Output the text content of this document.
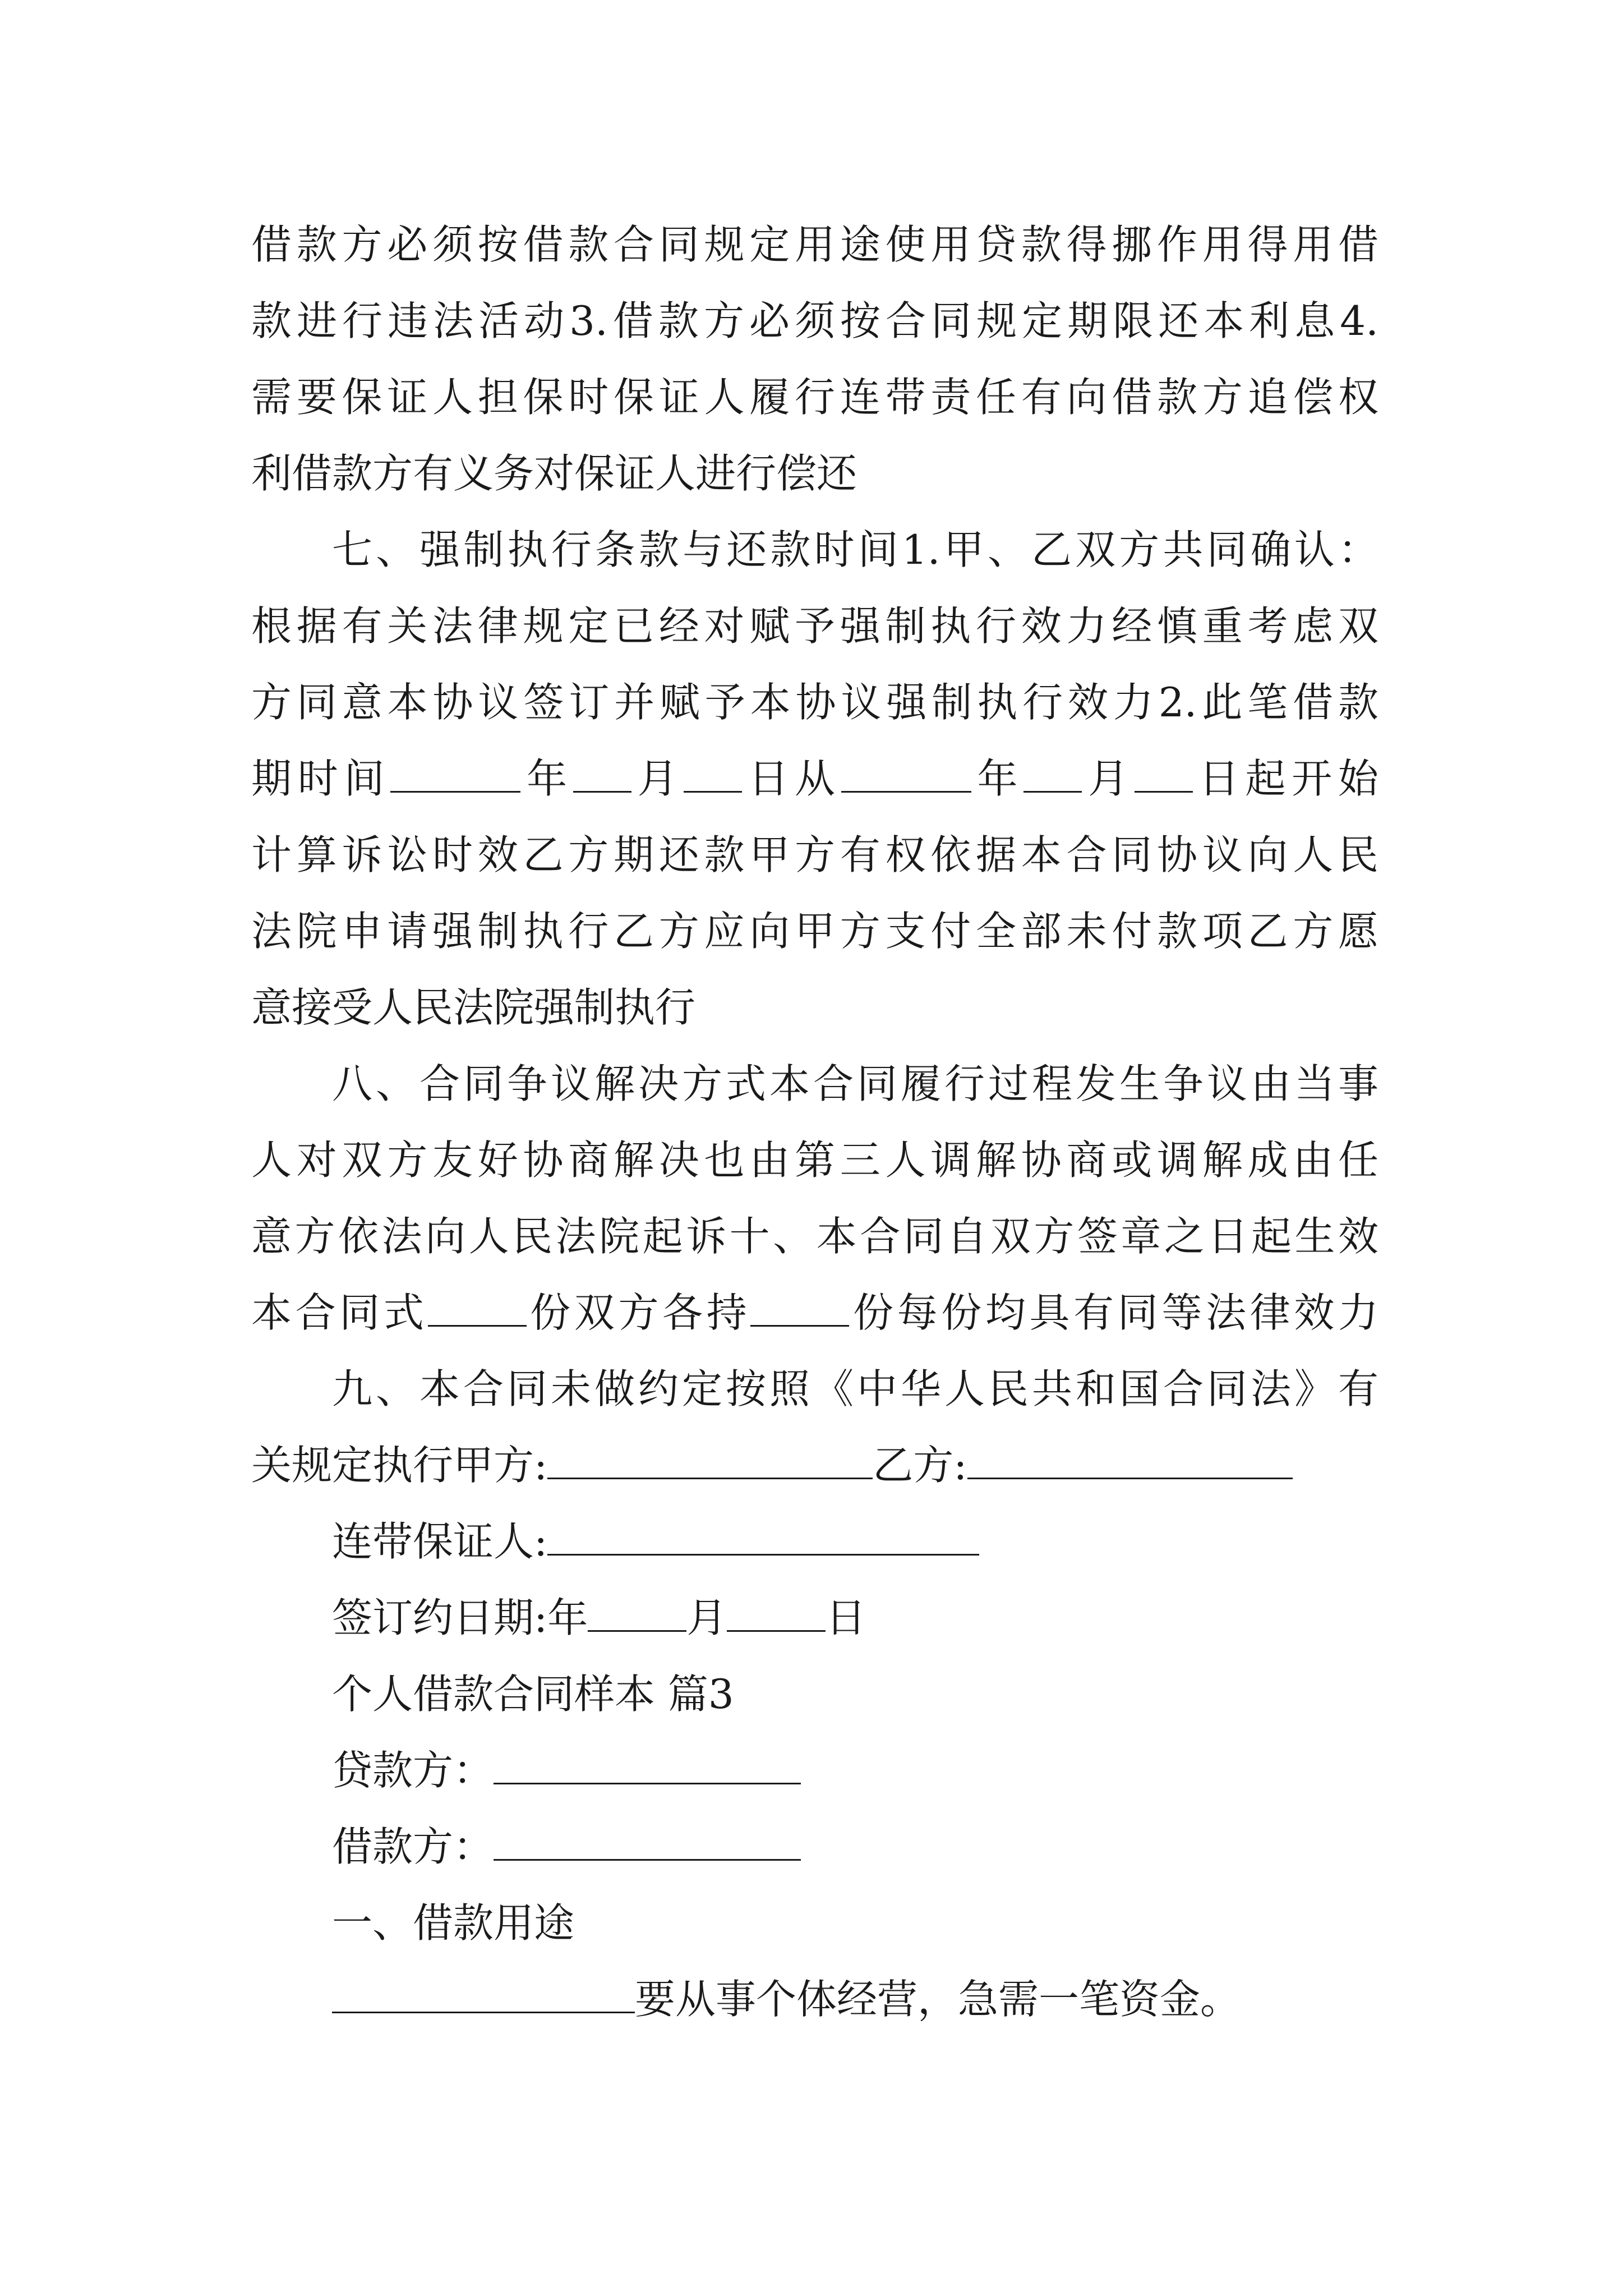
借款方必须按借款合同规定用途使用贷款得挪作用得用借
款进行违法活动3.借款方必须按合同规定期限还本利息4.
需要保证人担保时保证人履行连带责任有向借款方追偿权
利借款方有义务对保证人进行偿还

七、强制执行条款与还款时间1.甲、乙双方共同确认：
根据有关法律规定已经对赋予强制执行效力经慎重考虑双
方同意本协议签订并赋予本协议强制执行效力2.此笔借款
期时间	年 月 日从	年 月 日起开始
计算诉讼时效乙方期还款甲方有权依据本合同协议向人民
法院申请强制执行乙方应向甲方支付全部未付款项乙方愿
意接受人民法院强制执行

八、合同争议解决方式本合同履行过程发生争议由当事
人对双方友好协商解决也由第三人调解协商或调解成由任
意方依法向人民法院起诉十、本合同自双方签章之日起生效
本合同式 份双方各持 份每份均具有同等法律效力

九、本合同未做约定按照《中华人民共和国合同法》有
关规定执行甲方:	乙方:

连带保证人:

签订约日期:年 月 日

个人借款合同样本 篇3

贷款方：

借款方：

一、借款用途

要从事个体经营，急需一笔资金。
